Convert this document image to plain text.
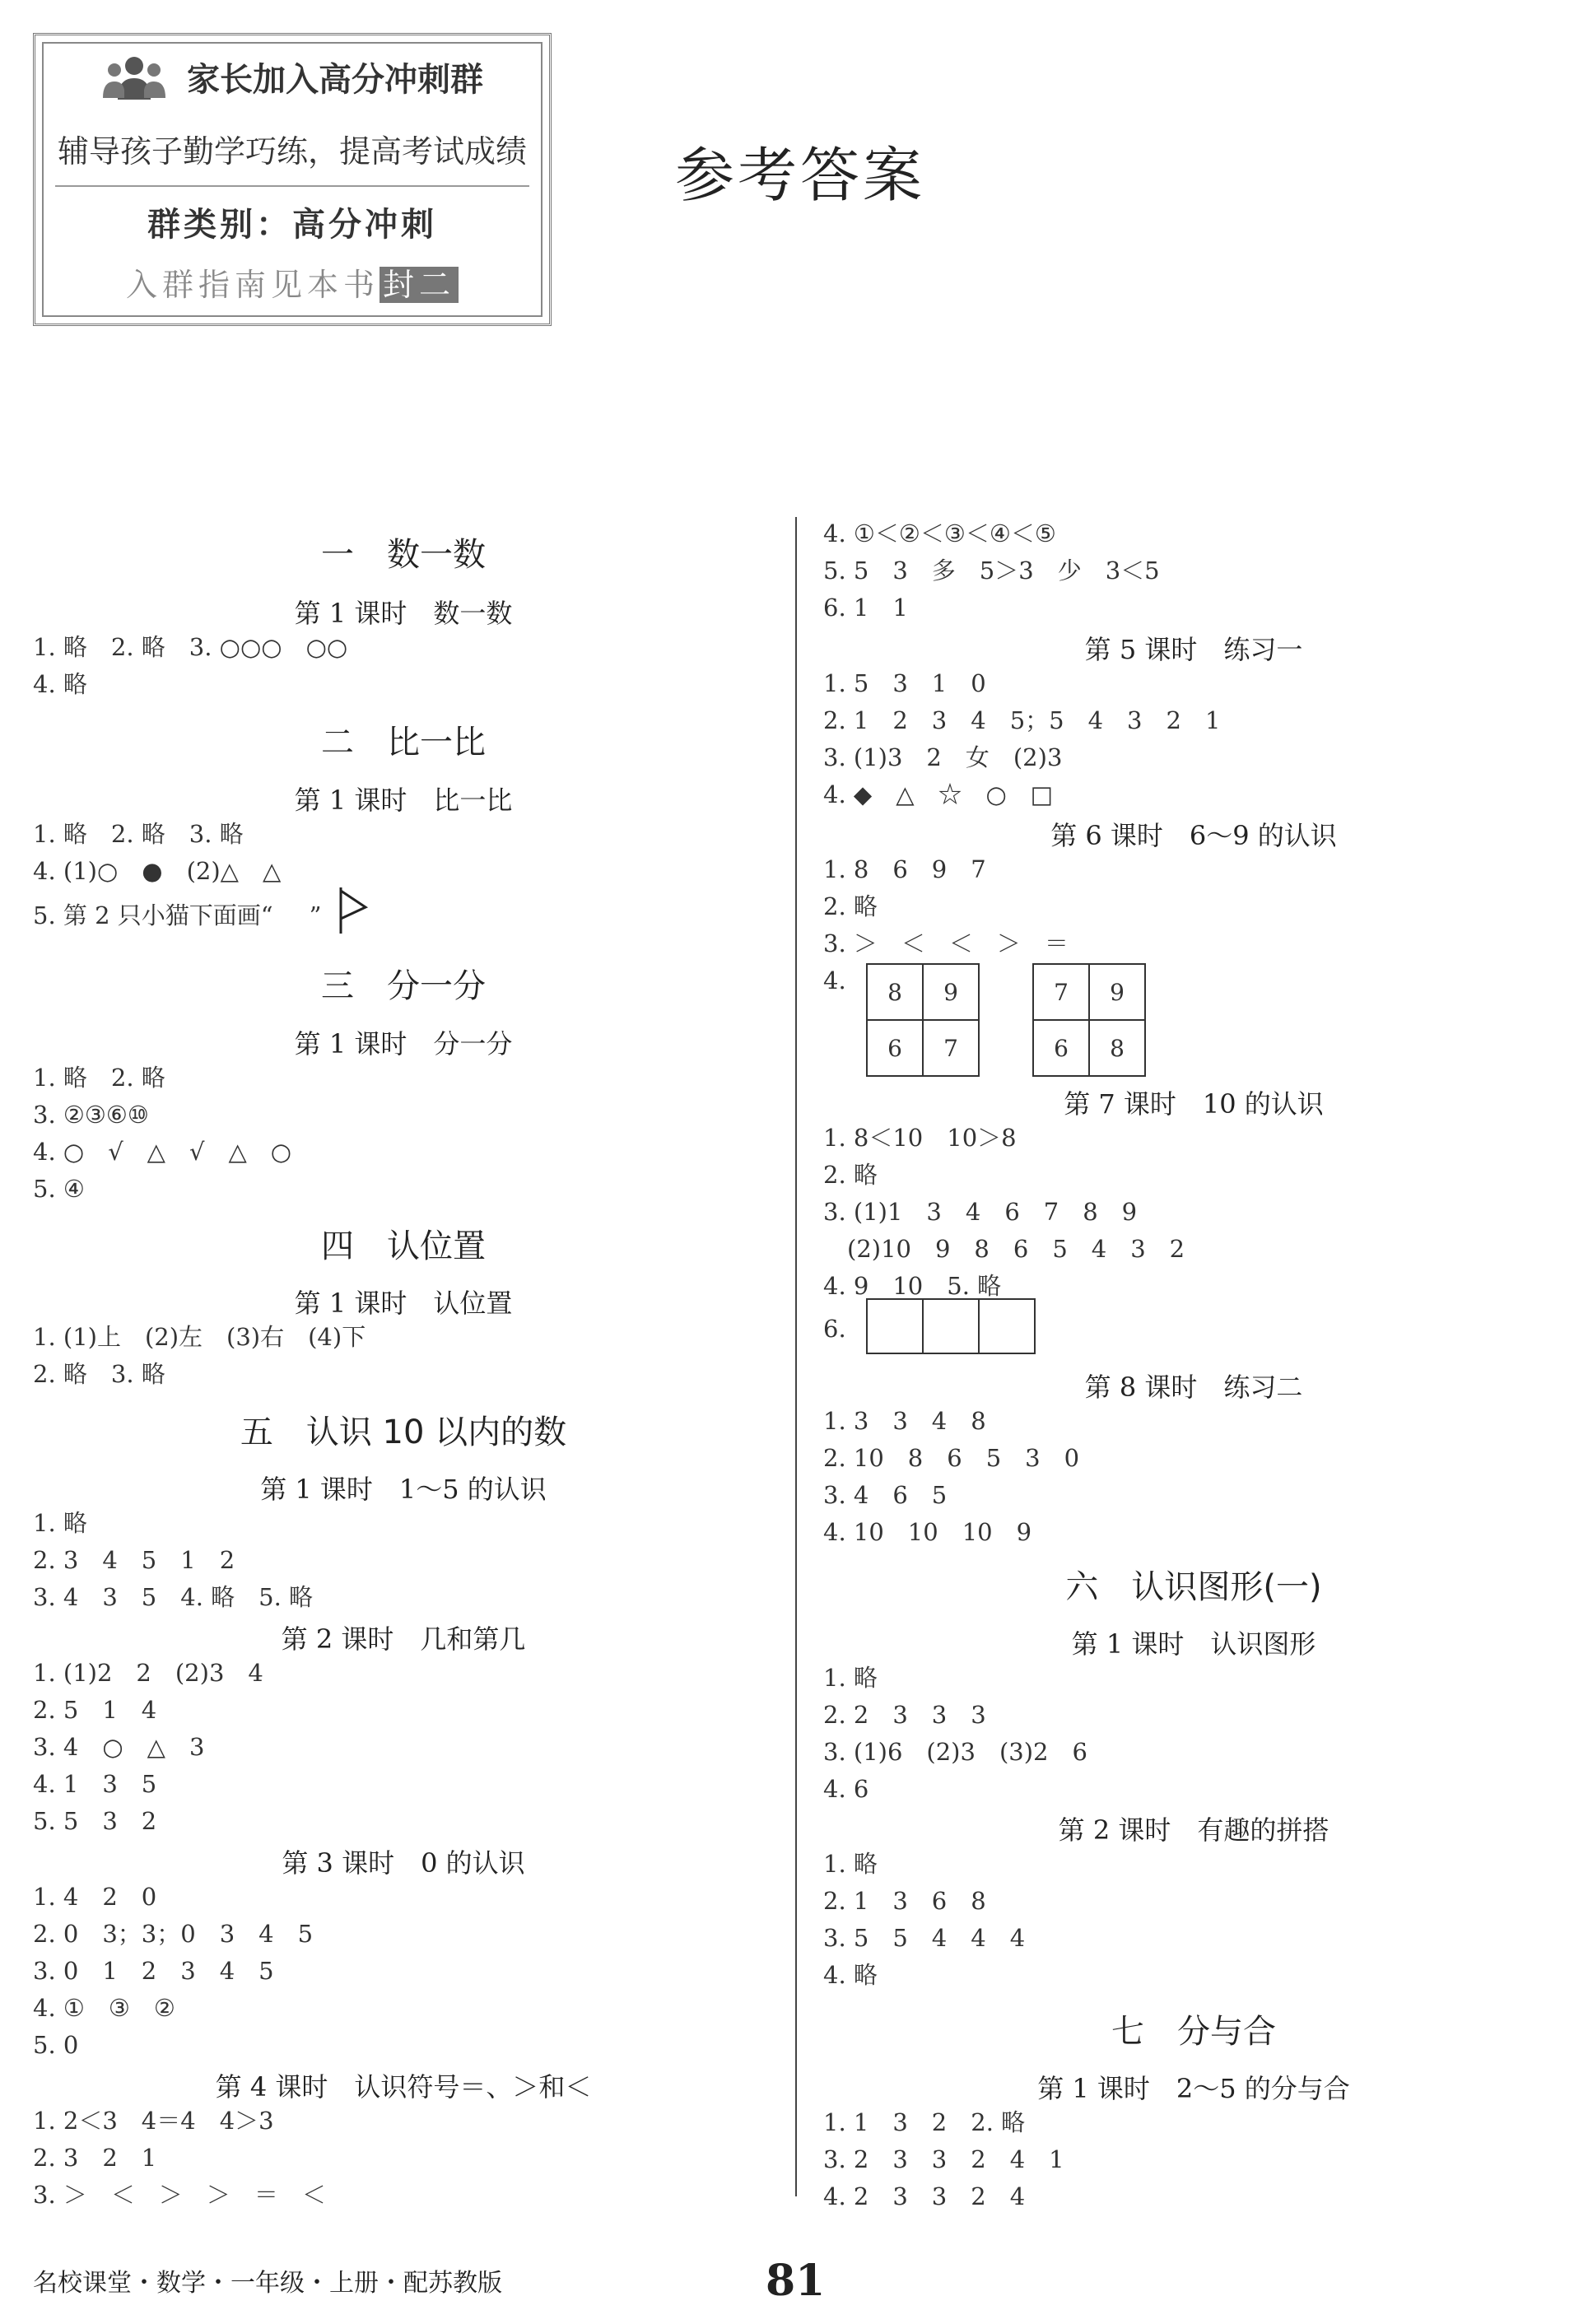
家长加入高分冲刺群
辅导孩子勤学巧练，提高考试成绩
群类别：高分冲刺
入群指南见本书 封二
参考答案
一　数一数
第 1 课时　数一数
1. 略　2. 略　3. ○○○　○○
4. 略
二　比一比
第 1 课时　比一比
1. 略　2. 略　3. 略
4. (1)○　●　(2)△　△
5. 第 2 只小猫下面画“ ”
三　分一分
第 1 课时　分一分
1. 略　2. 略
3. ②③⑥⑩
4. ○　√　△　√　△　○
5. ④
四　认位置
第 1 课时　认位置
1. (1)上　(2)左　(3)右　(4)下
2. 略　3. 略
五　认识 10 以内的数
第 1 课时　1～5 的认识
1. 略
2. 3　4　5　1　2
3. 4　3　5　4. 略　5. 略
第 2 课时　几和第几
1. (1)2　2　(2)3　4
2. 5　1　4
3. 4　○　△　3
4. 1　3　5
5. 5　3　2
第 3 课时　0 的认识
1. 4　2　0
2. 0　3；3；0　3　4　5
3. 0　1　2　3　4　5
4. ①　③　②
5. 0
第 4 课时　认识符号＝、＞和＜
1. 2＜3　4＝4　4＞3
2. 3　2　1
3. ＞　＜　＞　＞　＝　＜
4. ①＜②＜③＜④＜⑤
5. 5　3　多　5＞3　少　3＜5
6. 1　1
第 5 课时　练习一
1. 5　3　1　0
2. 1　2　3　4　5；5　4　3　2　1
3. (1)3　2　女　(2)3
4. ◆　△　☆　○　□
第 6 课时　6～9 的认识
1. 8　6　9　7
2. 略
3. ＞　＜　＜　＞　＝
4. 8	9
6	7
7	9
6	8
第 7 课时　10 的认识
1. 8＜10　10＞8
2. 略
3. (1)1　3　4　6　7　8　9
　(2)10　9　8　6　5　4　3　2
4. 9　10　5. 略
6.
第 8 课时　练习二
1. 3　3　4　8
2. 10　8　6　5　3　0
3. 4　6　5
4. 10　10　10　9
六　认识图形(一)
第 1 课时　认识图形
1. 略
2. 2　3　3　3
3. (1)6　(2)3　(3)2　6
4. 6
第 2 课时　有趣的拼搭
1. 略
2. 1　3　6　8
3. 5　5　4　4　4
4. 略
七　分与合
第 1 课时　2～5 的分与合
1. 1　3　2　2. 略
3. 2　3　3　2　4　1
4. 2　3　3　2　4
名校课堂・数学・一年级・上册・配苏教版	81
